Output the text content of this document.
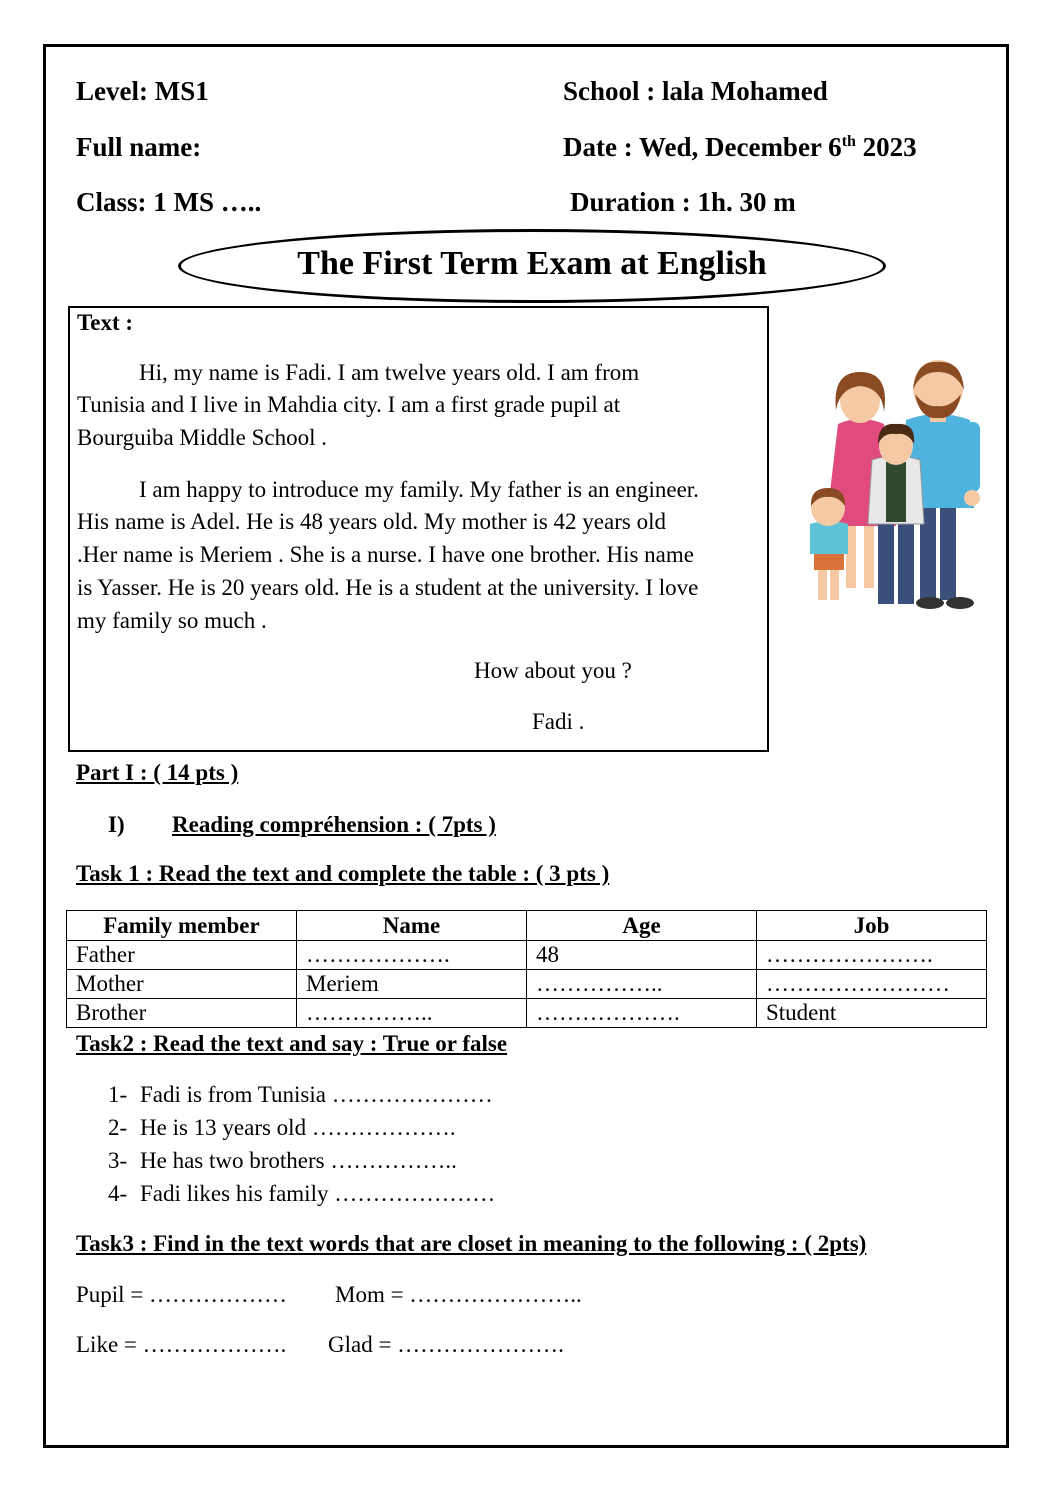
Level: MS1	School : lala Mohamed
Full name:	Date : Wed, December 6th 2023
Class: 1 MS …..	Duration : 1h. 30 m
The First Term Exam at English
Text :
Hi, my name is Fadi. I am twelve years old. I am from
Tunisia and I live in Mahdia city. I am a first grade pupil at
Bourguiba Middle School .
I am happy to introduce my family. My father is an engineer.
His name is Adel. He is 48 years old. My mother is 42 years old
.Her name is Meriem . She is a nurse. I have one brother. His name
is Yasser. He is 20 years old. He is a student at the university. I love
my family so much .
How about you ?
Fadi .
Part I : ( 14 pts )
I) Reading compréhension : ( 7pts )
Task 1 : Read the text and complete the table : ( 3 pts )
Family member	Name	Age	Job
Father	……………….	48	………………….
Mother	Meriem	……………..	……………………
Brother	……………..	……………….	Student
Task2 : Read the text and say : True or false
1- Fadi is from Tunisia …………………
2- He is 13 years old ……………….
3- He has two brothers ……………..
4- Fadi likes his family …………………
Task3 : Find in the text words that are closet in meaning to the following : ( 2pts)
Pupil = ……………… Mom = …………………..
Like = ………………. Glad = ………………….
